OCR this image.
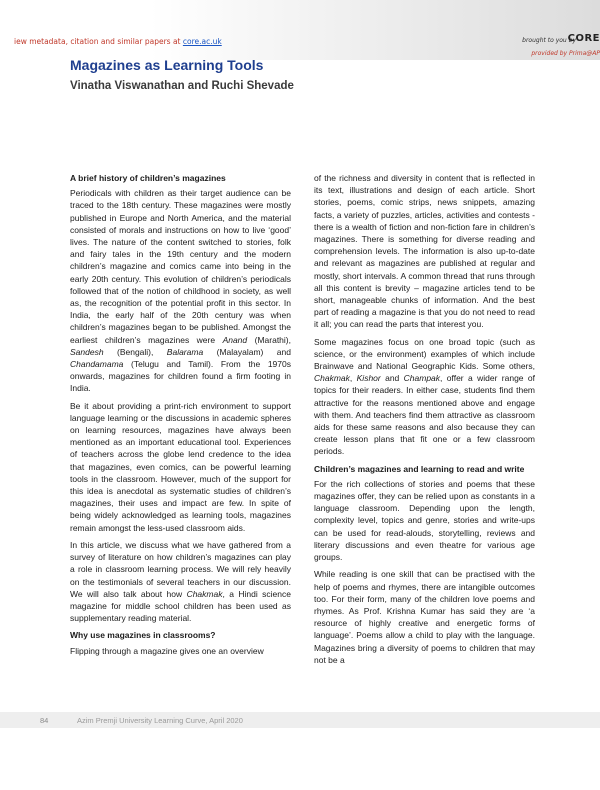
iew metadata, citation and similar papers at core.ac.uk	brought to you by
CORE
provided by Prima@AP
Magazines as Learning Tools
Vinatha Viswanathan and Ruchi Shevade
A brief history of children’s magazines

Periodicals with children as their target audience can be traced to the 18th century. These magazines were mostly published in Europe and North America, and the material consisted of morals and instructions on how to live ‘good’ lives. The nature of the content switched to stories, folk and fairy tales in the 19th century and the modern children’s magazine and comics came into being in the early 20th century. This evolution of children’s periodicals followed that of the notion of childhood in society, as well as, the recognition of the potential profit in this sector. In India, the early half of the 20th century was when children’s magazines began to be published. Amongst the earliest children’s magazines were Anand (Marathi), Sandesh (Bengali), Balarama (Malayalam) and Chandamama (Telugu and Tamil). From the 1970s onwards, magazines for children found a firm footing in India.

Be it about providing a print-rich environment to support language learning or the discussions in academic spheres on learning resources, magazines have always been mentioned as an important educational tool. Experiences of teachers across the globe lend credence to the idea that magazines, even comics, can be powerful learning tools in the classroom. However, much of the support for this idea is anecdotal as systematic studies of children’s magazines, their uses and impact are few. In spite of being widely acknowledged as learning tools, magazines remain amongst the less-used classroom aids.

In this article, we discuss what we have gathered from a survey of literature on how children’s magazines can play a role in classroom learning process. We will rely heavily on the testimonials of several teachers in our discussion. We will also talk about how Chakmak, a Hindi science magazine for middle school children has been used as supplementary reading material.

Why use magazines in classrooms?

Flipping through a magazine gives one an overview

of the richness and diversity in content that is reflected in its text, illustrations and design of each article. Short stories, poems, comic strips, news snippets, amazing facts, a variety of puzzles, articles, activities and contests - there is a wealth of fiction and non-fiction fare in children’s magazines. There is something for diverse reading and comprehension levels. The information is also up-to-date and relevant as magazines are published at regular and mostly, short intervals. A common thread that runs through all this content is brevity – magazine articles tend to be short, manageable chunks of information. And the best part of reading a magazine is that you do not need to read it all; you can read the parts that interest you.

Some magazines focus on one broad topic (such as science, or the environment) examples of which include Brainwave and National Geographic Kids. Some others, Chakmak, Kishor and Champak, offer a wider range of topics for their readers. In either case, students find them attractive for the reasons mentioned above and engage with them. And teachers find them attractive as classroom aids for these same reasons and also because they can create lesson plans that fit one or a few classroom periods.

Children’s magazines and learning to read and write

For the rich collections of stories and poems that these magazines offer, they can be relied upon as constants in a language classroom. Depending upon the length, complexity level, topics and genre, stories and write-ups can be used for read-alouds, storytelling, reviews and literary discussions and even theatre for various age groups.

While reading is one skill that can be practised with the help of poems and rhymes, there are intangible outcomes too. For their form, many of the children love poems and rhymes. As Prof. Krishna Kumar has said they are ‘a resource of highly creative and energetic forms of language’. Poems allow a child to play with the language. Magazines bring a diversity of poems to children that may not be a

84	Azim Premji University Learning Curve, April 2020
